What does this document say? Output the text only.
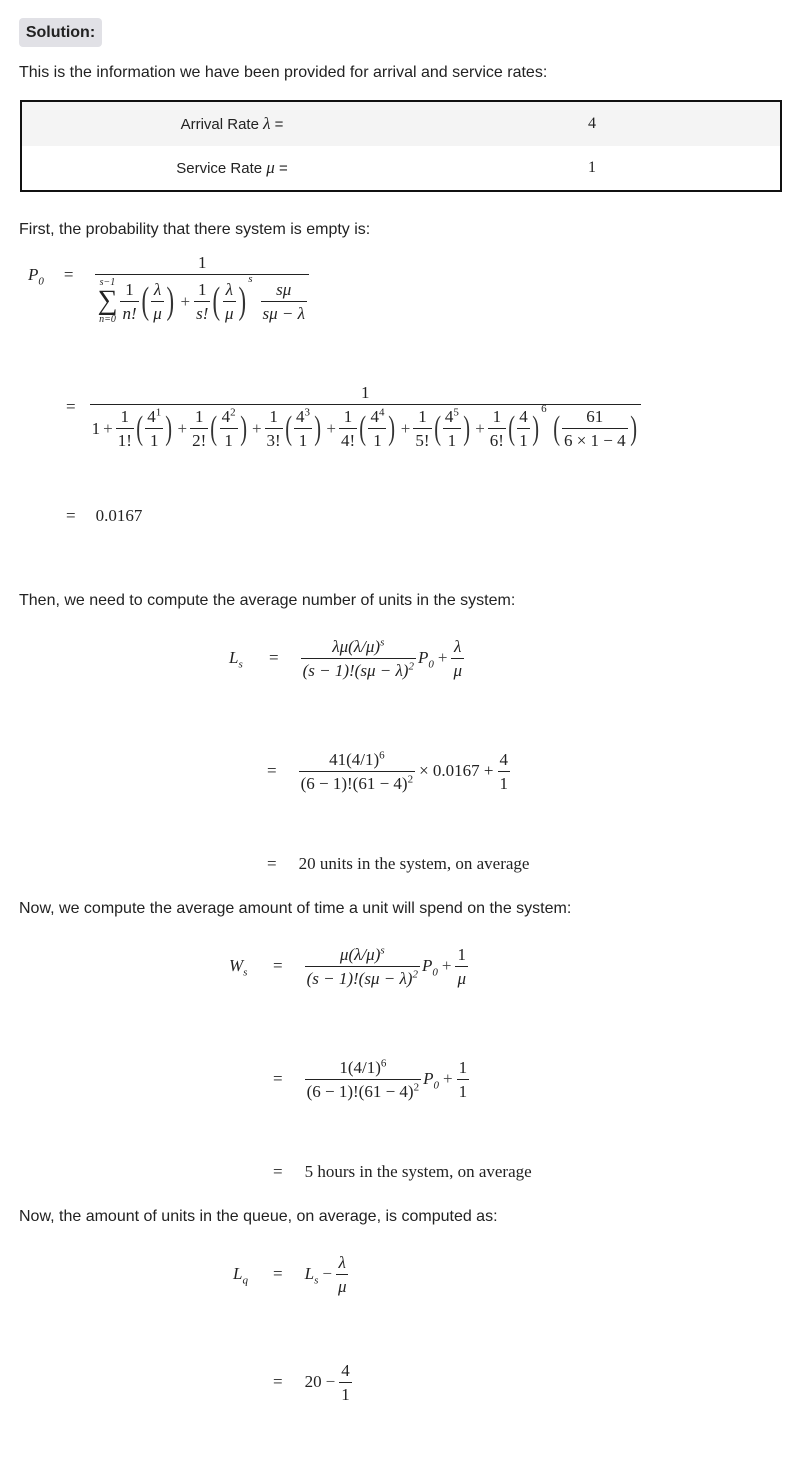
Solution:
This is the information we have been provided for arrival and service rates:
Arrival Rate λ =	4
Service Rate μ =	1
First, the probability that there system is empty is:
$P_0$ =
1
s−1
∑
$n=0 \frac{1}{n!}$ ( $\frac{\lambda}{\mu}$ ) + $\frac{1}{s!}$ ( $\frac{\lambda}{\mu}$ )
s
$\frac{s\mu}{s\mu - \lambda}$
=
1
$1 + \frac{1}{1!}$ ( $\frac{4^1}{1}$ ) + $\frac{1}{2!}$ ( $\frac{4^2}{1}$ ) + $\frac{1}{3!}$ ( $\frac{4^3}{1}$ ) + $\frac{1}{4!}$ ( $\frac{4^4}{1}$ ) + $\frac{1}{5!}$ ( $\frac{4^5}{1}$ ) + $\frac{1}{6!}$ ( $\frac{4}{1}$ )
6
( $\frac{61}{6 \times 1 - 4}$ )
= 0.0167
Then, we need to compute the average number of units in the system:
$L_s$	= $\frac{\lambda\mu(\lambda/\mu)^s}{(s - 1)!(s\mu - \lambda)^2} P_0 + \frac{\lambda}{\mu}$
= $\frac{41(4/1)^6}{(6 - 1)!(61 - 4)^2} \times 0.0167 + \frac{4}{1}$
= 20 units in the system, on average
Now, we compute the average amount of time a unit will spend on the system:
$W_s$	= $\frac{\mu(\lambda/\mu)^s}{(s - 1)!(s\mu - \lambda)^2} P_0 + \frac{1}{\mu}$
= $\frac{1(4/1)^6}{(6 - 1)!(61 - 4)^2} P_0 + \frac{1}{1}$
= 5 hours in the system, on average
Now, the amount of units in the queue, on average, is computed as:
$L_q$	= $L_s - \frac{\lambda}{\mu}$
= $20 - \frac{4}{1}$
